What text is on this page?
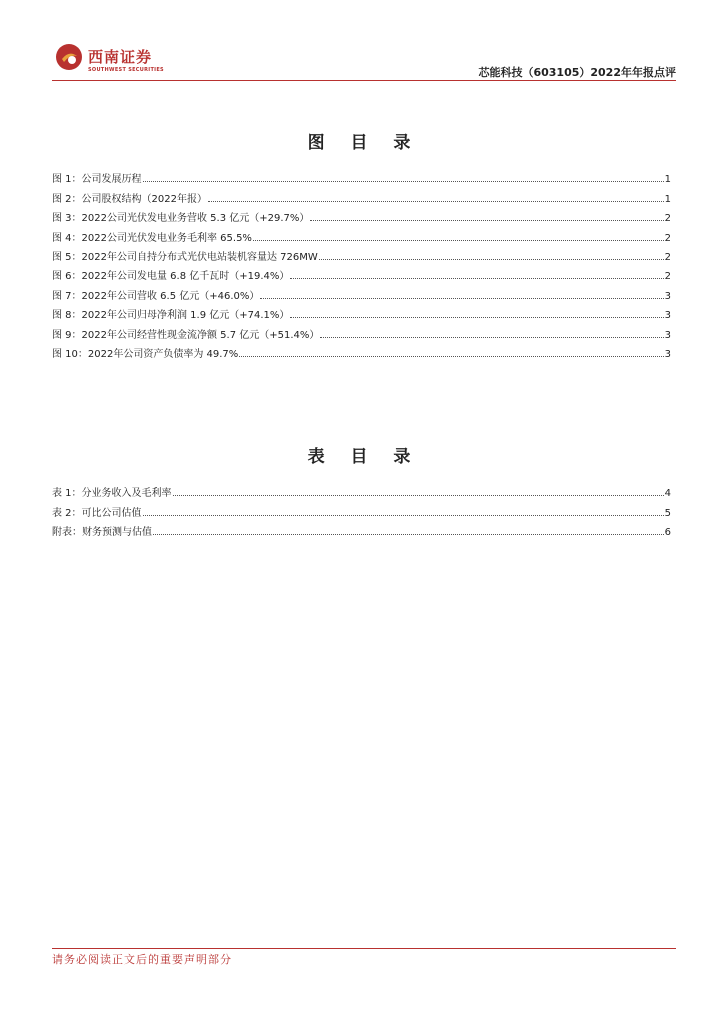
西南证券
SOUTHWEST SECURITIES	芯能科技（603105）2022年年报点评
图 目 录
图 1：公司发展历程	1
图 2：公司股权结构（2022年报）	1
图 3：2022公司光伏发电业务营收 5.3 亿元（+29.7%）	2
图 4：2022公司光伏发电业务毛利率 65.5%	2
图 5：2022年公司自持分布式光伏电站装机容量达 726MW	2
图 6：2022年公司发电量 6.8 亿千瓦时（+19.4%）	2
图 7：2022年公司营收 6.5 亿元（+46.0%）	3
图 8：2022年公司归母净利润 1.9 亿元（+74.1%）	3
图 9：2022年公司经营性现金流净额 5.7 亿元（+51.4%）	3
图 10：2022年公司资产负债率为 49.7%	3
表 目 录
表 1：分业务收入及毛利率	4
表 2：可比公司估值	5
附表：财务预测与估值	6
请务必阅读正文后的重要声明部分
